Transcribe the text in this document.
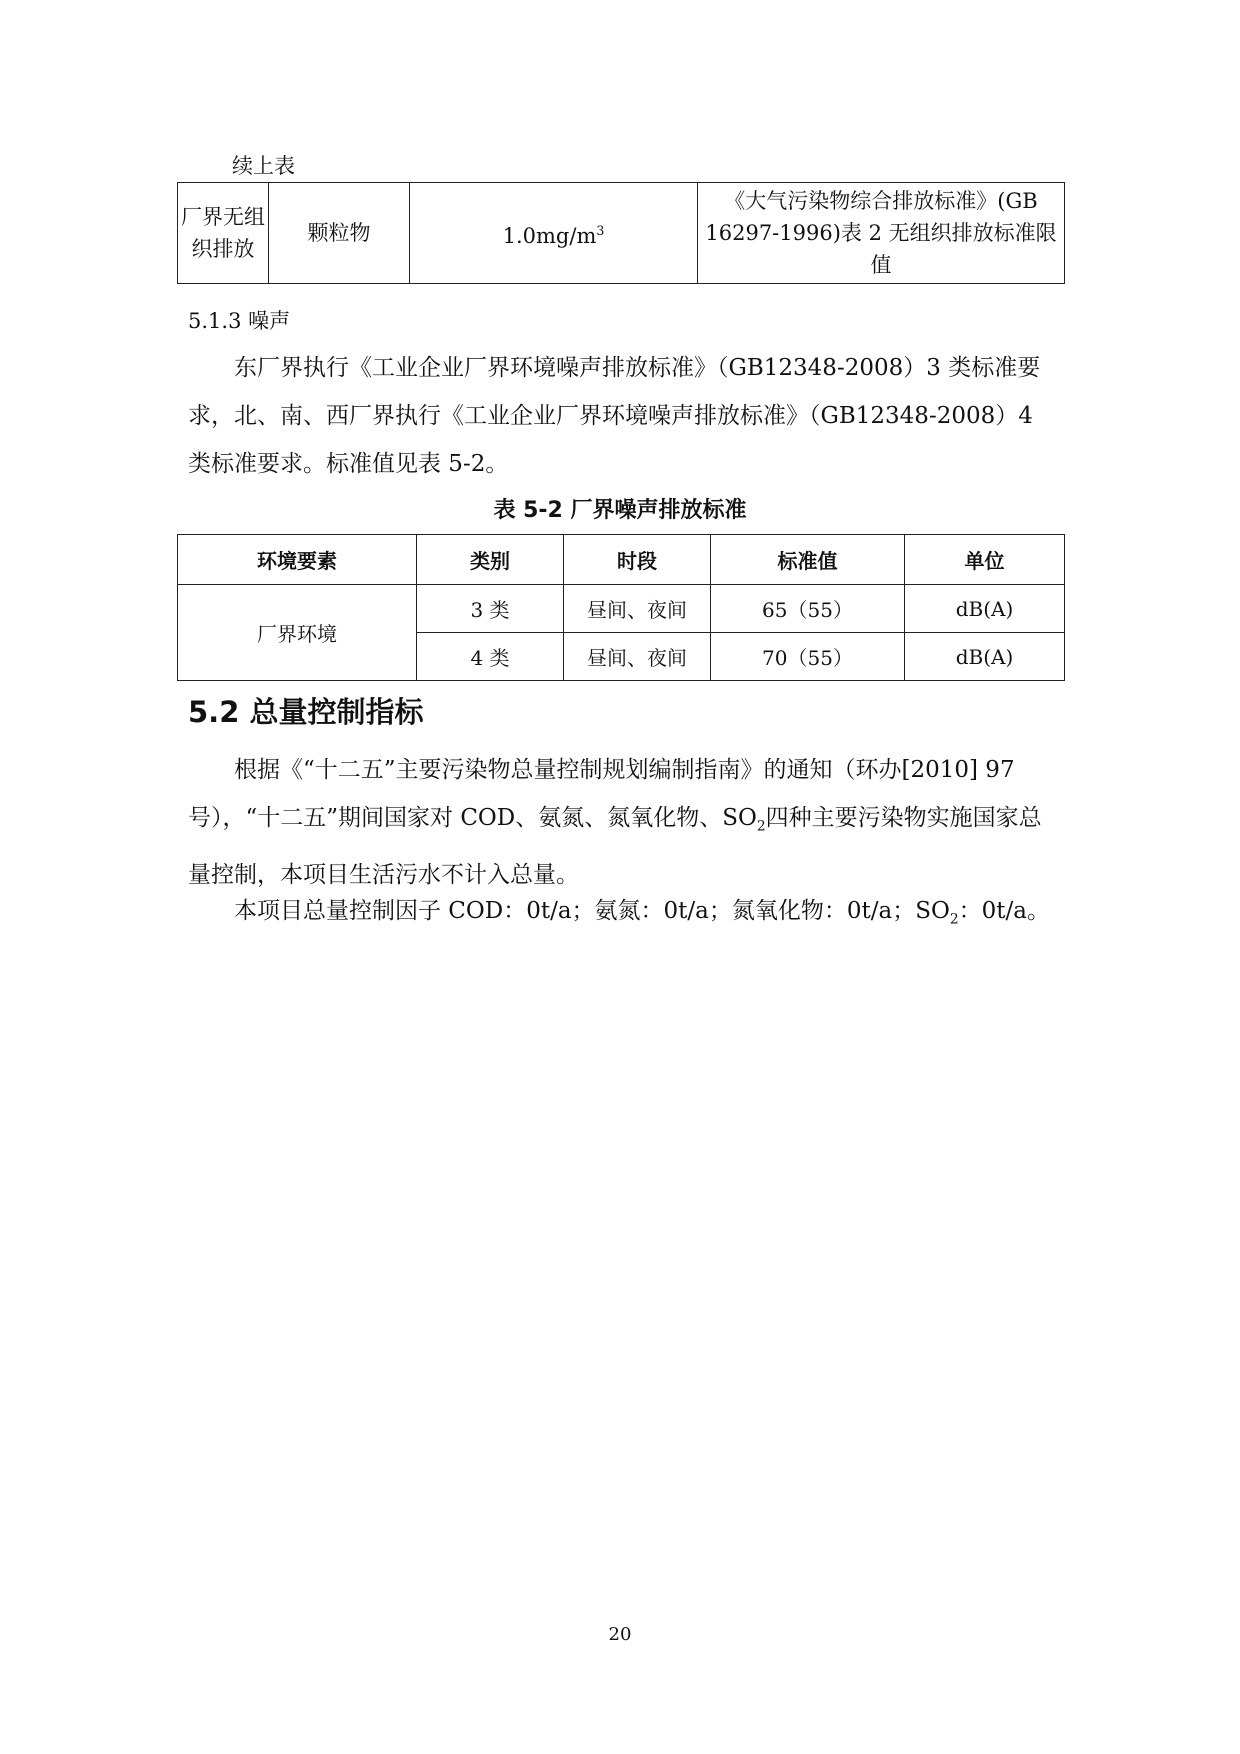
续上表
厂界无组织排放	颗粒物	$1.0mg/m^3$	《大气污染物综合排放标准》(GB 16297-1996)表 2 无组织排放标准限值
5.1.3 噪声
东厂界执行《工业企业厂界环境噪声排放标准》（GB12348-2008）3 类标准要求，北、南、西厂界执行《工业企业厂界环境噪声排放标准》（GB12348-2008）4 类标准要求。标准值见表 5-2。
表 5-2 厂界噪声排放标准
环境要素	类别	时段	标准值	单位
厂界环境	3 类	昼间、夜间	65（55）	dB(A)
	4 类	昼间、夜间	70（55）	dB(A)
5.2 总量控制指标
根据《“十二五”主要污染物总量控制规划编制指南》的通知（环办[2010] 97号），“十二五”期间国家对 COD、氨氮、氮氧化物、$SO_2$四种主要污染物实施国家总量控制，本项目生活污水不计入总量。
本项目总量控制因子 COD：0t/a；氨氮：0t/a；氮氧化物：0t/a；$SO_2$：0t/a。
20
